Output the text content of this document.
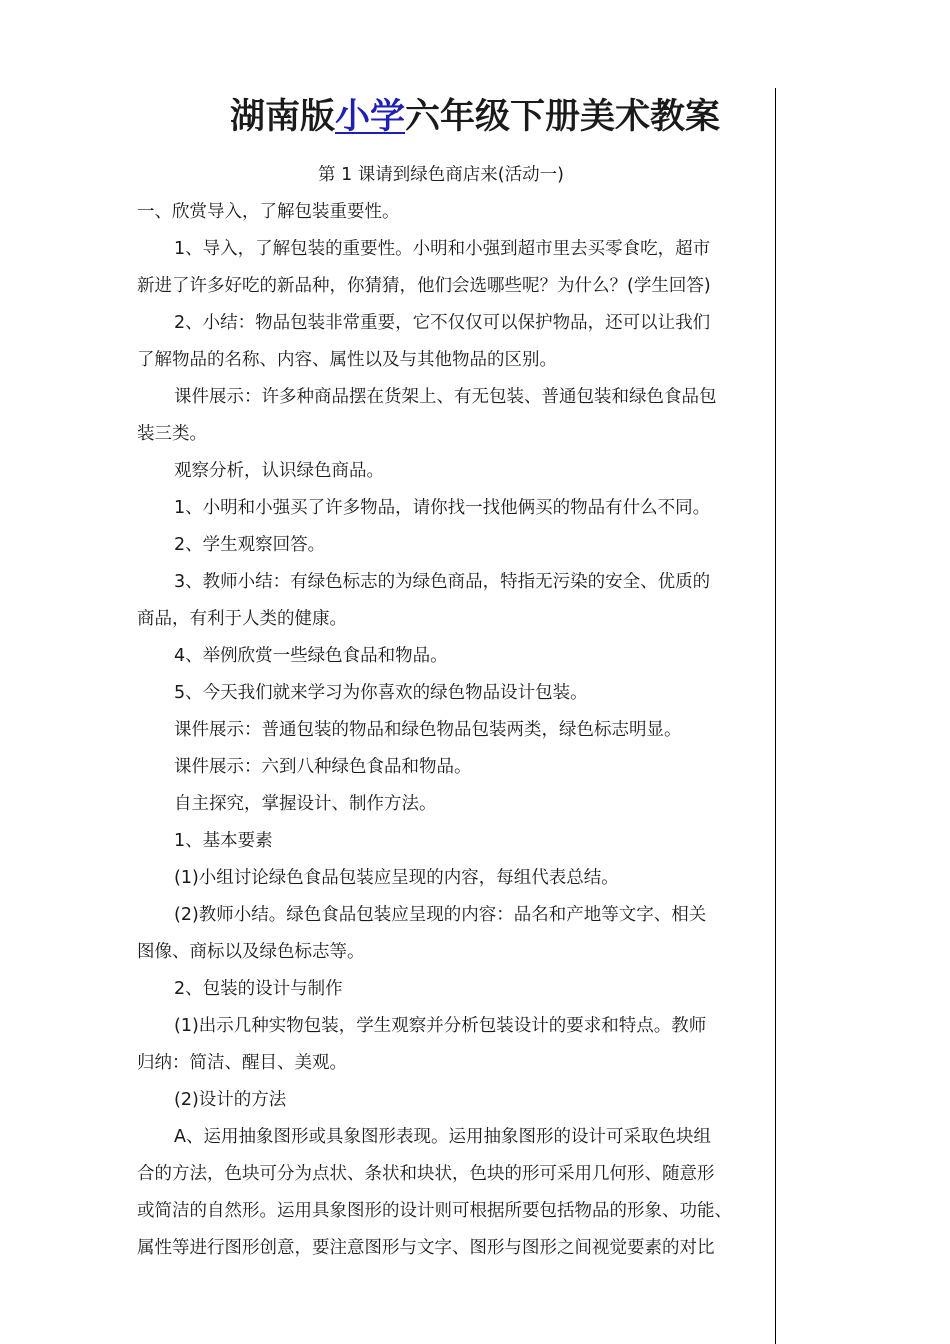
湖南版小学六年级下册美术教案

第 1 课请到绿色商店来(活动一)

一、欣赏导入，了解包装重要性。

1、导入，了解包装的重要性。小明和小强到超市里去买零食吃，超市

新进了许多好吃的新品种，你猜猜，他们会选哪些呢？为什么？(学生回答)

2、小结：物品包装非常重要，它不仅仅可以保护物品，还可以让我们

了解物品的名称、内容、属性以及与其他物品的区别。

课件展示：许多种商品摆在货架上、有无包装、普通包装和绿色食品包

装三类。

观察分析，认识绿色商品。

1、小明和小强买了许多物品，请你找一找他俩买的物品有什么不同。

2、学生观察回答。

3、教师小结：有绿色标志的为绿色商品，特指无污染的安全、优质的

商品，有利于人类的健康。

4、举例欣赏一些绿色食品和物品。

5、今天我们就来学习为你喜欢的绿色物品设计包装。

课件展示：普通包装的物品和绿色物品包装两类，绿色标志明显。

课件展示：六到八种绿色食品和物品。

自主探究，掌握设计、制作方法。

1、基本要素

(1)小组讨论绿色食品包装应呈现的内容，每组代表总结。

(2)教师小结。绿色食品包装应呈现的内容：品名和产地等文字、相关

图像、商标以及绿色标志等。

2、包装的设计与制作

(1)出示几种实物包装，学生观察并分析包装设计的要求和特点。教师

归纳：简洁、醒目、美观。

(2)设计的方法

A、运用抽象图形或具象图形表现。运用抽象图形的设计可采取色块组

合的方法，色块可分为点状、条状和块状，色块的形可采用几何形、随意形

或简洁的自然形。运用具象图形的设计则可根据所要包括物品的形象、功能、

属性等进行图形创意，要注意图形与文字、图形与图形之间视觉要素的对比
